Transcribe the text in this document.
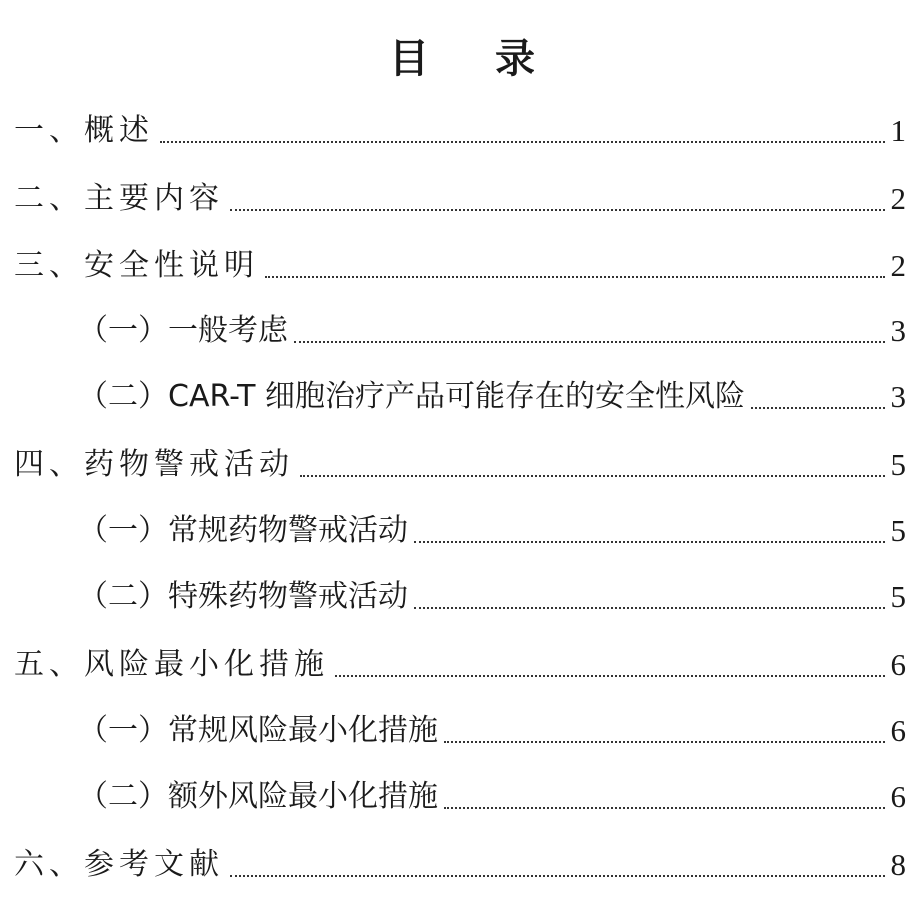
目 录
一、概述	1
二、主要内容	2
三、安全性说明	2
（一）一般考虑	3
（二）CAR-T 细胞治疗产品可能存在的安全性风险	3
四、药物警戒活动	5
（一）常规药物警戒活动	5
（二）特殊药物警戒活动	5
五、风险最小化措施	6
（一）常规风险最小化措施	6
（二）额外风险最小化措施	6
六、参考文献	8
